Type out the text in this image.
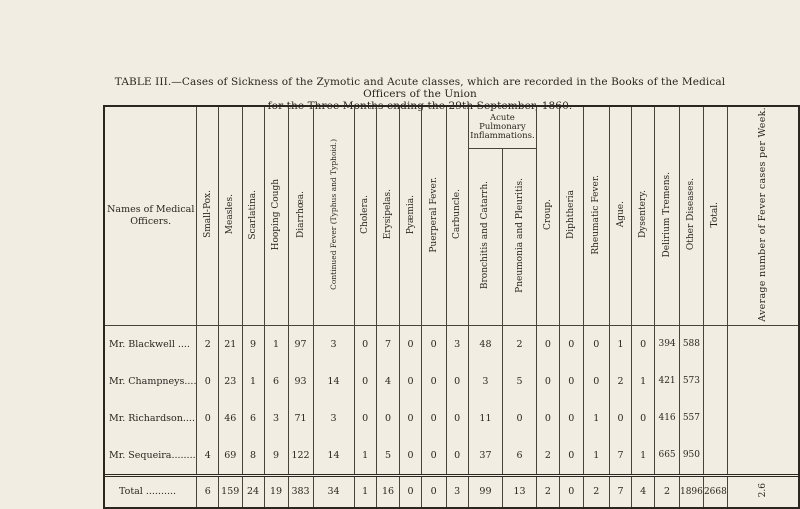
TABLE III.—Cases of Sickness of the Zymotic and Acute classes, which are recorded in the Books of the Medical Officers of the Union
for the Three Months ending the 29th September, 1860.
Names of Medical Officers.	Small-Pox.	Measles.	Scarlatina.	Hooping Cough	Diarrhœa.	Continued Fever (Typhus and Typhoid.)	Cholera.	Erysipelas.	Pyæmia.	Puerperal Fever.	Carbuncle.	Acute Pulmonary Inflammations.		Croup.	Diphtheria	Rheumatic Fever.	Ague.	Dysentery.	Delirium Tremens.	Other Diseases.	Total.	Average number of Fever cases per Week.
												Bronchitis and Catarrh.	Pneumonia and Pleuritis.									
Mr. Blackwell ....	2	21	9	1	97	3	0	7	0	0	3	48	2	0	0	0	1	0	394	588		
Mr. Champneys....	0	23	1	6	93	14	0	4	0	0	0	3	5	0	0	0	2	1	421	573		
Mr. Richardson....	0	46	6	3	71	3	0	0	0	0	0	11	0	0	0	1	0	0	416	557		
Mr. Sequeira........	4	69	8	9	122	14	1	5	0	0	0	37	6	2	0	1	7	1	665	950		
Total ..........	6	159	24	19	383	34	1	16	0	0	3	99	13	2	0	2	7	4	2	1896	2668	2.6
